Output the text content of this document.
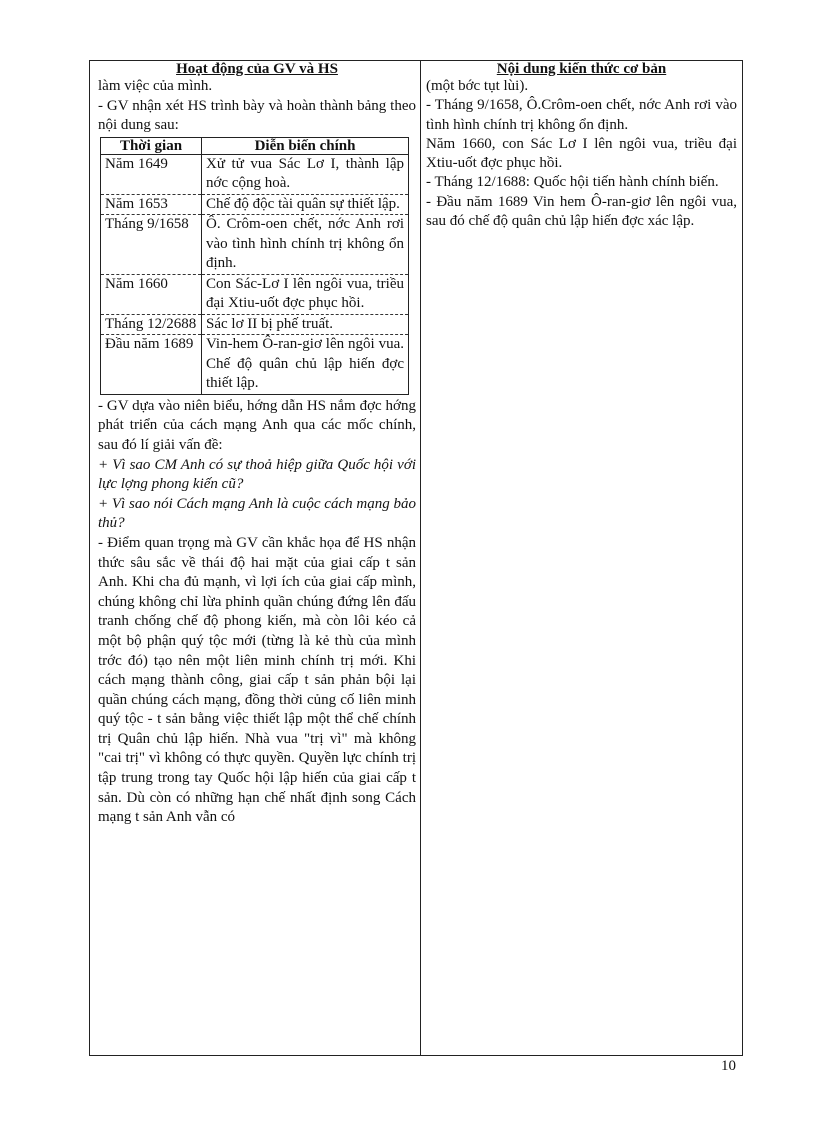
Hoạt động của GV và HS

làm việc của mình.

- GV nhận xét HS trình bày và hoàn thành bảng theo nội dung sau:

Thời gian	Diễn biến chính
Năm 1649	Xử tử vua Sác Lơ I, thành lập nớc cộng hoà.
Năm 1653	Chế độ độc tài quân sự thiết lập.
Tháng 9/1658	Ô. Crôm-oen chết, nớc Anh rơi vào tình hình chính trị không ổn định.
Năm 1660	Con Sác-Lơ I lên ngôi vua, triều đại Xtiu-uốt đợc phục hồi.
Tháng 12/2688	Sác lơ II bị phế truất.
Đầu năm 1689	Vin-hem Ô-ran-giơ lên ngôi vua. Chế độ quân chủ lập hiến đợc thiết lập.

- GV dựa vào niên biểu, hớng dẫn HS nắm đợc hớng phát triển của cách mạng Anh qua các mốc chính, sau đó lí giải vấn đề:

+ Vì sao CM Anh có sự thoả hiệp giữa Quốc hội với lực lợng phong kiến cũ?

+ Vì sao nói Cách mạng Anh là cuộc cách mạng bảo thủ?

- Điểm quan trọng mà GV cần khắc họa để HS nhận thức sâu sắc về thái độ hai mặt của giai cấp t sản Anh. Khi cha đủ mạnh, vì lợi ích của giai cấp mình, chúng không chỉ lừa phỉnh quần chúng đứng lên đấu tranh chống chế độ phong kiến, mà còn lôi kéo cả một bộ phận quý tộc mới (từng là kẻ thù của mình trớc đó) tạo nên một liên minh chính trị mới. Khi cách mạng thành công, giai cấp t sản phản bội lại quần chúng cách mạng, đồng thời củng cố liên minh quý tộc - t sản bằng việc thiết lập một thể chế chính trị Quân chủ lập hiến. Nhà vua "trị vì" mà không "cai trị" vì không có thực quyền. Quyền lực chính trị tập trung trong tay Quốc hội lập hiến của giai cấp t sản. Dù còn có những hạn chế nhất định song Cách mạng t sản Anh vẫn có

Nội dung kiến thức cơ bản

(một bớc tụt lùi).

- Tháng 9/1658, Ô.Crôm-oen chết, nớc Anh rơi vào tình hình chính trị không ổn định.

Năm 1660, con Sác Lơ I lên ngôi vua, triều đại Xtiu-uốt đợc phục hồi.

- Tháng 12/1688: Quốc hội tiến hành chính biến.

- Đầu năm 1689 Vin hem Ô-ran-giơ lên ngôi vua, sau đó chế độ quân chủ lập hiến đợc xác lập.

10
